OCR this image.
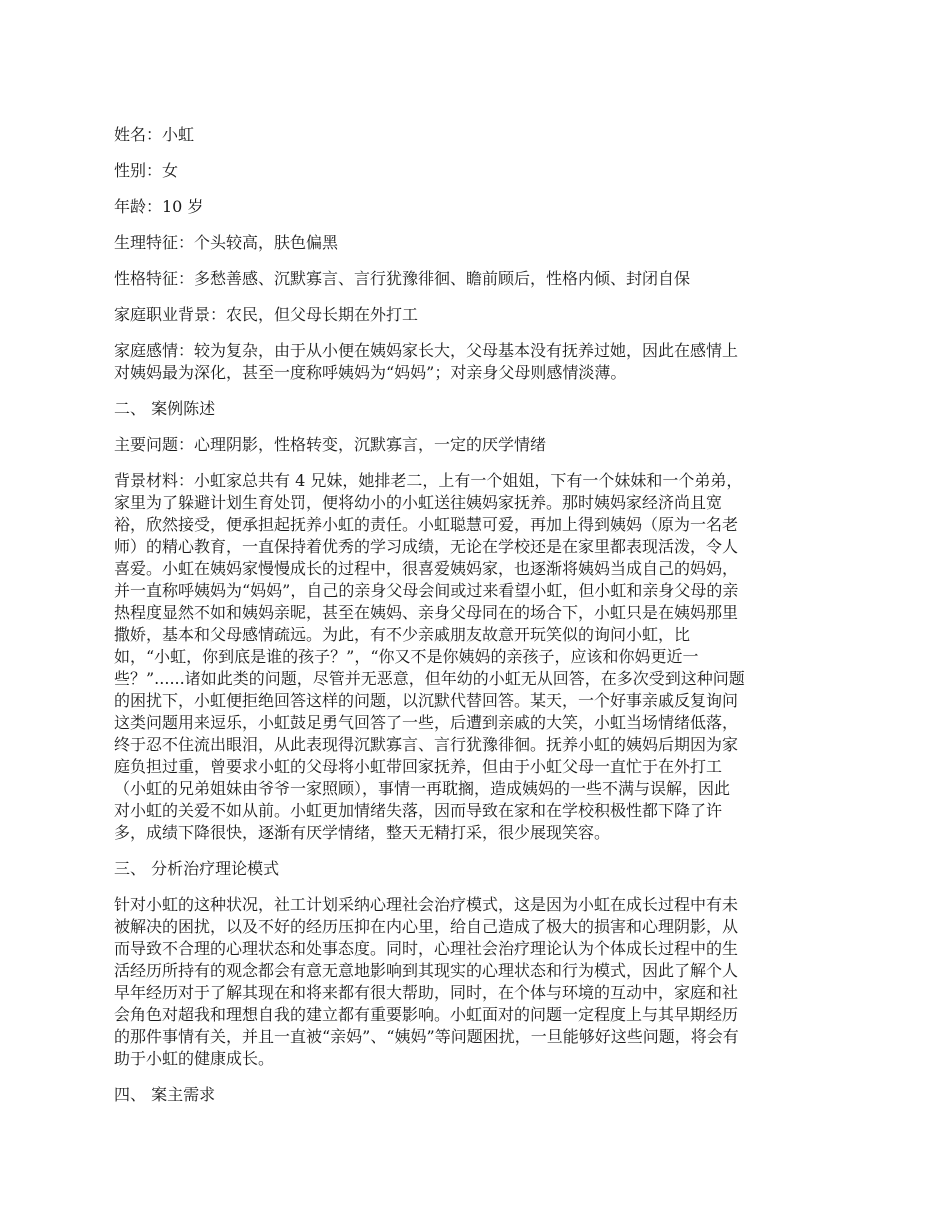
姓名：小虹
性别：女
年龄：10 岁
生理特征：个头较高，肤色偏黑
性格特征：多愁善感、沉默寡言、言行犹豫徘徊、瞻前顾后，性格内倾、封闭自保
家庭职业背景：农民，但父母长期在外打工
家庭感情：较为复杂，由于从小便在姨妈家长大，父母基本没有抚养过她，因此在感情上
对姨妈最为深化，甚至一度称呼姨妈为“妈妈”；对亲身父母则感情淡薄。
二、 案例陈述
主要问题：心理阴影，性格转变，沉默寡言，一定的厌学情绪
背景材料：小虹家总共有 4 兄妹，她排老二，上有一个姐姐，下有一个妹妹和一个弟弟，
家里为了躲避计划生育处罚，便将幼小的小虹送往姨妈家抚养。那时姨妈家经济尚且宽
裕，欣然接受，便承担起抚养小虹的责任。小虹聪慧可爱，再加上得到姨妈（原为一名老
师）的精心教育，一直保持着优秀的学习成绩，无论在学校还是在家里都表现活泼，令人
喜爱。小虹在姨妈家慢慢成长的过程中，很喜爱姨妈家，也逐渐将姨妈当成自己的妈妈，
并一直称呼姨妈为“妈妈”，自己的亲身父母会间或过来看望小虹，但小虹和亲身父母的亲
热程度显然不如和姨妈亲昵，甚至在姨妈、亲身父母同在的场合下，小虹只是在姨妈那里
撒娇，基本和父母感情疏远。为此，有不少亲戚朋友故意开玩笑似的询问小虹，比
如，“小虹，你到底是谁的孩子？”，“你又不是你姨妈的亲孩子，应该和你妈更近一
些？”......诸如此类的问题，尽管并无恶意，但年幼的小虹无从回答，在多次受到这种问题
的困扰下，小虹便拒绝回答这样的问题，以沉默代替回答。某天，一个好事亲戚反复询问
这类问题用来逗乐，小虹鼓足勇气回答了一些，后遭到亲戚的大笑，小虹当场情绪低落，
终于忍不住流出眼泪，从此表现得沉默寡言、言行犹豫徘徊。抚养小虹的姨妈后期因为家
庭负担过重，曾要求小虹的父母将小虹带回家抚养，但由于小虹父母一直忙于在外打工
（小虹的兄弟姐妹由爷爷一家照顾），事情一再耽搁，造成姨妈的一些不满与误解，因此
对小虹的关爱不如从前。小虹更加情绪失落，因而导致在家和在学校积极性都下降了许
多，成绩下降很快，逐渐有厌学情绪，整天无精打采，很少展现笑容。
三、 分析治疗理论模式
针对小虹的这种状况，社工计划采纳心理社会治疗模式，这是因为小虹在成长过程中有未
被解决的困扰，以及不好的经历压抑在内心里，给自己造成了极大的损害和心理阴影，从
而导致不合理的心理状态和处事态度。同时，心理社会治疗理论认为个体成长过程中的生
活经历所持有的观念都会有意无意地影响到其现实的心理状态和行为模式，因此了解个人
早年经历对于了解其现在和将来都有很大帮助，同时，在个体与环境的互动中，家庭和社
会角色对超我和理想自我的建立都有重要影响。小虹面对的问题一定程度上与其早期经历
的那件事情有关，并且一直被“亲妈”、“姨妈”等问题困扰，一旦能够好这些问题，将会有
助于小虹的健康成长。
四、 案主需求
